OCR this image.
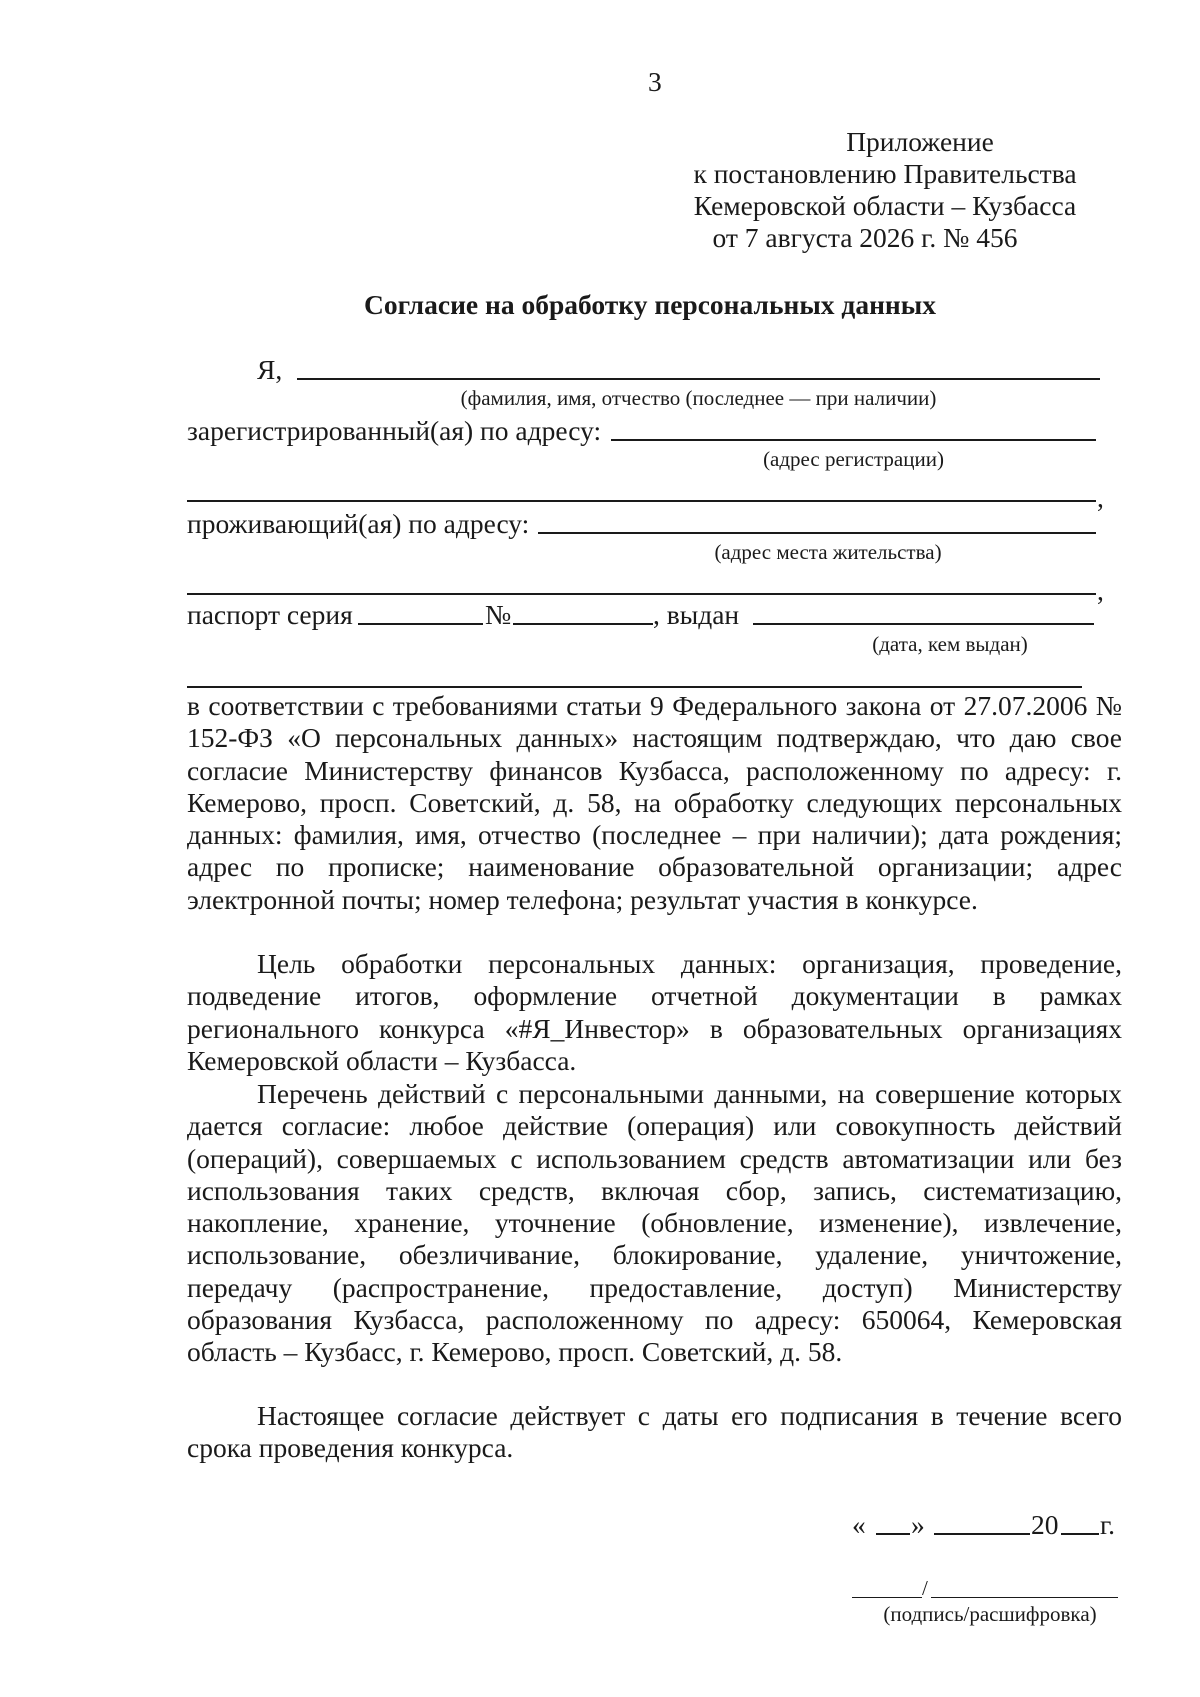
3
Приложение
к постановлению Правительства
Кемеровской области – Кузбасса
от 7 августа 2026 г. № 456
Согласие на обработку персональных данных
Я,
(фамилия, имя, отчество (последнее — при наличии)
зарегистрированный(ая) по адресу:
(адрес регистрации)
,
проживающий(ая) по адресу:
(адрес места жительства)
,
паспорт серия	№	, выдан
(дата, кем выдан)
в соответствии с требованиями статьи 9 Федерального закона от 27.07.2006 № 152-ФЗ «О персональных данных» настоящим подтверждаю, что даю свое согласие Министерству финансов Кузбасса, расположенному по адресу: г. Кемерово, просп. Советский, д. 58, на обработку следующих персональных данных: фамилия, имя, отчество (последнее – при наличии); дата рождения; адрес по прописке; наименование образовательной организации; адрес электронной почты; номер телефона; результат участия в конкурсе.
Цель обработки персональных данных: организация, проведение, подведение итогов, оформление отчетной документации в рамках регионального конкурса «#Я_Инвестор» в образовательных организациях Кемеровской области – Кузбасса.
Перечень действий с персональными данными, на совершение которых дается согласие: любое действие (операция) или совокупность действий (операций), совершаемых с использованием средств автоматизации или без использования таких средств, включая сбор, запись, систематизацию, накопление, хранение, уточнение (обновление, изменение), извлечение, использование, обезличивание, блокирование, удаление, уничтожение, передачу (распространение, предоставление, доступ) Министерству образования Кузбасса, расположенному по адресу: 650064, Кемеровская область – Кузбасс, г. Кемерово, просп. Советский, д. 58.
Настоящее согласие действует с даты его подписания в течение всего срока проведения конкурса.
« »	20 г.
/
(подпись/расшифровка)
